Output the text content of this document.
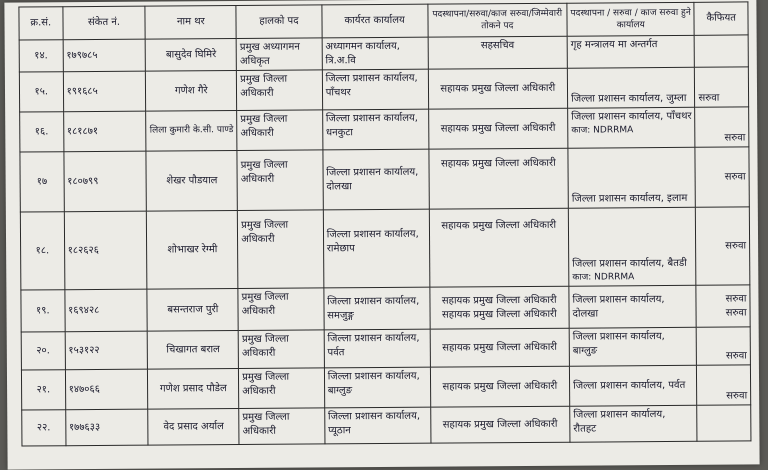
क्र.सं.	संकेत नं.	नाम थर	हालको पद	कार्यरत कार्यालय	पदस्थापना/सरुवा/काज सरुवा/जिम्मेवारी तोकने पद	पदस्थापना / सरुवा / काज सरुवा हुने कार्यालय	कैफियत
१४.	१७९७८५	बासुदेव घिमिरे	प्रमुख अध्यागमन
अधिकृत	अध्यागमन कार्यालय,
त्रि.अ.वि	सहसचिव	गृह मन्त्रालय मा अन्तर्गत	

१५.	१९१६८५	गणेश गैरे	प्रमुख जिल्ला
अधिकारी	जिल्ला प्रशासन कार्यालय,
पाँचथर	सहायक प्रमुख जिल्ला अधिकारी	जिल्ला प्रशासन कार्यालय, जुम्ला	सरुवा
१६.	१८१८७१	लिला कुमारी के.सी. पाण्डे	प्रमुख जिल्ला
अधिकारी	जिल्ला प्रशासन कार्यालय,
धनकुटा	सहायक प्रमुख जिल्ला अधिकारी	जिल्ला प्रशासन कार्यालय, पाँचथर
काज: NDRRMA	सरुवा
१७	१८०७९९	शेखर पौडयाल	प्रमुख जिल्ला
अधिकारी	जिल्ला प्रशासन कार्यालय,
दोलखा	सहायक प्रमुख जिल्ला अधिकारी	जिल्ला प्रशासन कार्यालय, इलाम	सरुवा
१८.	१८२६२६	शोभाखर रेग्मी	प्रमुख जिल्ला
अधिकारी	जिल्ला प्रशासन कार्यालय,
रामेछाप	सहायक प्रमुख जिल्ला अधिकारी	जिल्ला प्रशासन कार्यालय, बैतडी
काज: NDRRMA	सरुवा
१९.	१६९४२८	बसन्तराज पुरी	प्रमुख जिल्ला
अधिकारी	जिल्ला प्रशासन कार्यालय,
समजुङ्ग	सहायक प्रमुख जिल्ला अधिकारी
सहायक प्रमुख जिल्ला अधिकारी	जिल्ला प्रशासन कार्यालय,
दोलखा	सरुवा
सरुवा

२०.	१५३१२२	चिखागत बराल	प्रमुख जिल्ला
अधिकारी	जिल्ला प्रशासन कार्यालय,
पर्वत	सहायक प्रमुख जिल्ला अधिकारी	जिल्ला प्रशासन कार्यालय,
बाग्लुङ	सरुवा
२१.	१४७०६६	गणेश प्रसाद पौडेल	प्रमुख जिल्ला
अधिकारी	जिल्ला प्रशासन कार्यालय,
बाग्लुङ	सहायक प्रमुख जिल्ला अधिकारी	जिल्ला प्रशासन कार्यालय, पर्वत	सरुवा
२२.	१७७६३३	वेद प्रसाद अर्याल	प्रमुख जिल्ला
अधिकारी	जिल्ला प्रशासन कार्यालय,
प्यूठान	सहायक प्रमुख जिल्ला अधिकारी	जिल्ला प्रशासन कार्यालय,
रौतहट	
